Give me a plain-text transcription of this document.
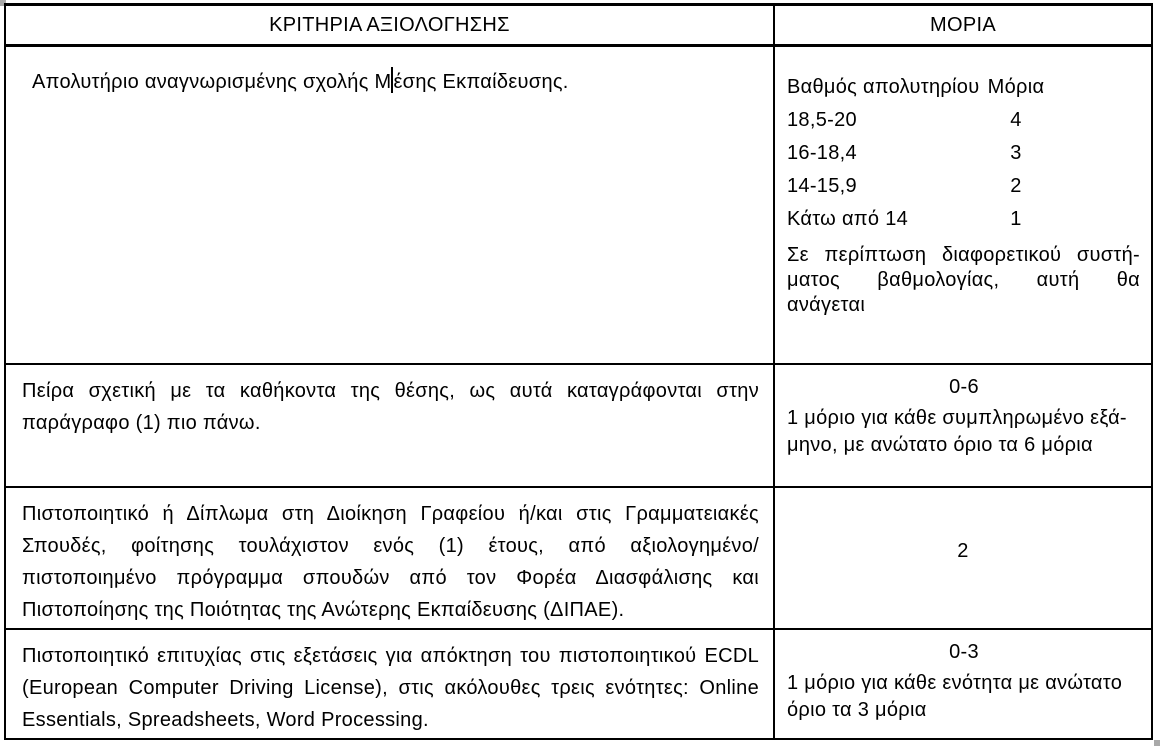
ΚΡΙΤΗΡΙΑ ΑΞΙΟΛΟΓΗΣΗΣ	ΜΟΡΙΑ
Απολυτήριο αναγνωρισμένης σχολής Μ έσης Εκπαίδευσης.	Βαθμός απολυτηρίου Μόρια
18,5-20	4
16-18,4	3
14-15,9	2
Κάτω από 14	1
Σε περίπτωση διαφορετικού συστή-
ματος βαθμολογίας, αυτή θα
ανάγεται
Πείρα σχετική με τα καθήκοντα της θέσης, ως αυτά καταγράφονται στην παράγραφο (1) πιο πάνω.
0-6
1 μόριο για κάθε συμπληρωμένο εξά-
μηνο, με ανώτατο όριο τα 6 μόρια
Πιστοποιητικό ή Δίπλωμα στη Διοίκηση Γραφείου ή/και στις Γραμματειακές Σπουδές, φοίτησης τουλάχιστον ενός (1) έτους, από αξιολογημένο/ πιστοποιημένο πρόγραμμα σπουδών από τον Φορέα Διασφάλισης και Πιστοποίησης της Ποιότητας της Ανώτερης Εκπαίδευσης (ΔΙΠΑΕ).
2
Πιστοποιητικό επιτυχίας στις εξετάσεις για απόκτηση του πιστοποιητικού ECDL (European Computer Driving License), στις ακόλουθες τρεις ενότητες: Online Essentials, Spreadsheets, Word Processing.
0-3
1 μόριο για κάθε ενότητα με ανώτατο
όριο τα 3 μόρια
